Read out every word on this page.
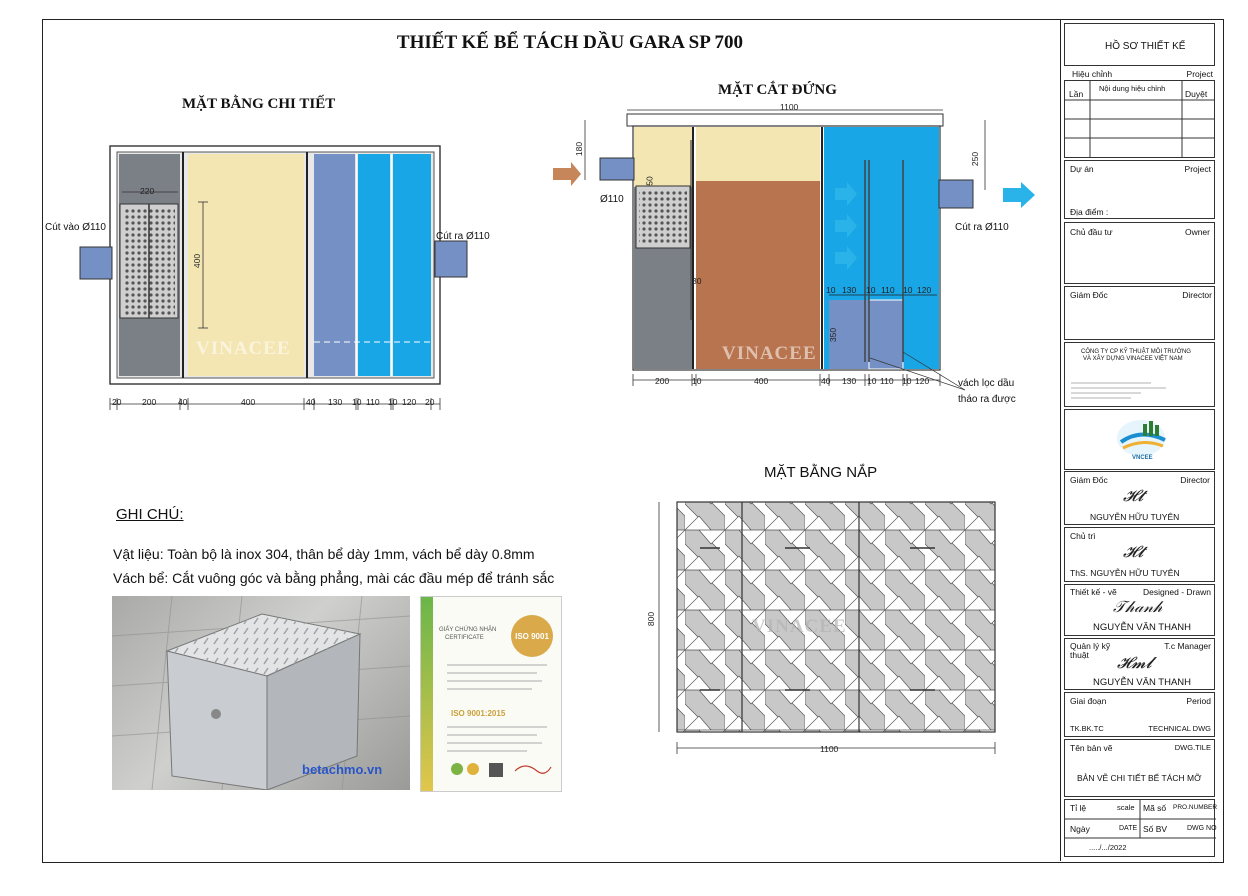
THIẾT KẾ BỂ TÁCH DẦU GARA SP 700
MẶT BẰNG CHI TIẾT
Cút vào Ø110
Cút ra Ø110
220
400
VINACEE
20 200	40	400	40 130 10 110 10 120 20
MẶT CẮT ĐỨNG
1100
180
250
50
Ø110
Cút ra Ø110
10 130 10 110 10 120
30
350
VINACEE
200	10	400	40 130 10 110 10 120	vách lọc dầu
tháo ra được
MẶT BẰNG NẮP
1100
800	VINACEE
GHI CHÚ:
Vật liệu: Toàn bộ là inox 304, thân bể dày 1mm, vách bể dày 0.8mm
Vách bể: Cắt vuông góc và bằng phẳng, mài các đầu mép để tránh sắc
betachmo.vn
GIẤY CHỨNG NHẬN
CERTIFICATE	ISO 9001
ISO 9001:2015
HỒ SƠ THIẾT KẾ
Hiệu chỉnh	Project
Lần
Nội dung hiệu chỉnh
Duyệt
Dự án	Project
Địa điểm :
Chủ đầu tư	Owner
Giám Đốc	Director
CÔNG TY CP KỸ THUẬT MÔI TRƯỜNG
VÀ XÂY DỰNG VINACEE VIỆT NAM
VNCEE
Giám Đốc	Director
𝓗𝓽
NGUYỄN HỮU TUYÊN
Chủ trì
𝓗𝓽
ThS. NGUYỄN HỮU TUYÊN
Thiết kế - vẽ	Designed - Drawn
𝒯𝒽𝒶𝓃𝒽
NGUYỄN VĂN THANH
Quản lý kỹ
thuật
T.c Manager
𝓗𝓶𝓵
NGUYỄN VĂN THANH
Giai đoạn	Period
TK.BK.TC	TECHNICAL DWG
Tên bản vẽ	DWG.TILE
BẢN VẼ CHI TIẾT BỂ TÁCH MỠ
Tỉ lệ	scale Mã số PRO.NUMBER
Ngày	DATE Số BV	DWG NO
...../.../2022
